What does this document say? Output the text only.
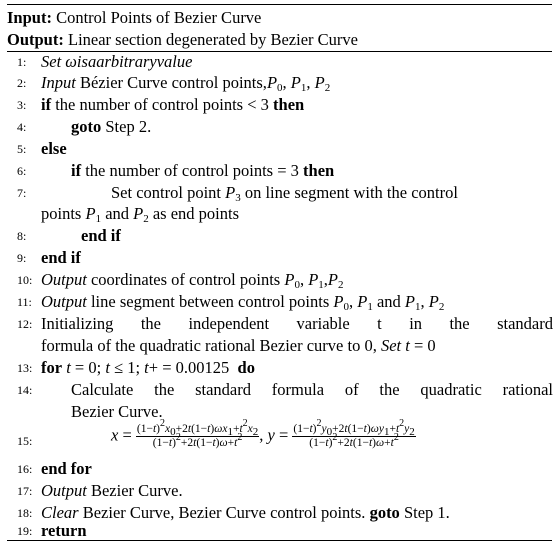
Input: Control Points of Bezier Curve
Output: Linear section degenerated by Bezier Curve
1: Set ωisaarbitraryvalue
2: Input Bézier Curve control $points,P_0$, $P_1$, $P_2$
3: if the number of control points < 3 then
4:	goto Step 2.
5: else
6:	if the number of control points = 3 then
7:	Set control point $P_3$ on line segment with the control
points $P_1$ and $P_2$ as end points
8:	end if
9: end if
10: Output coordinates of control points $P_0$, $P_1,P_2$
11: Output line segment between control points $P_0$, $P_1$ and $P_1$, $P_2$
12: Initializing the independent variable t in the standard
formula of the quadratic rational Bezier curve to 0, Set t = 0
13: for t = 0; t ≤ 1; t+ = 0.00125  do
14: Calculate the standard formula of the quadratic rational
Bezier Curve.
15:	$x = \frac{(1-t)^2x_0+2t(1-t)\omega x_1+t^2x_2}{(1-t)^2+2t(1-t)\omega+t^2}$ , $y = \frac{(1-t)^2y_0+2t(1-t)\omega y_1+t^2y_2}{(1-t)^2+2t(1-t)\omega+t^2}$
16: end for
17: Output Bezier Curve.
18: Clear Bezier Curve, Bezier Curve control points. goto Step 1.
19: return
